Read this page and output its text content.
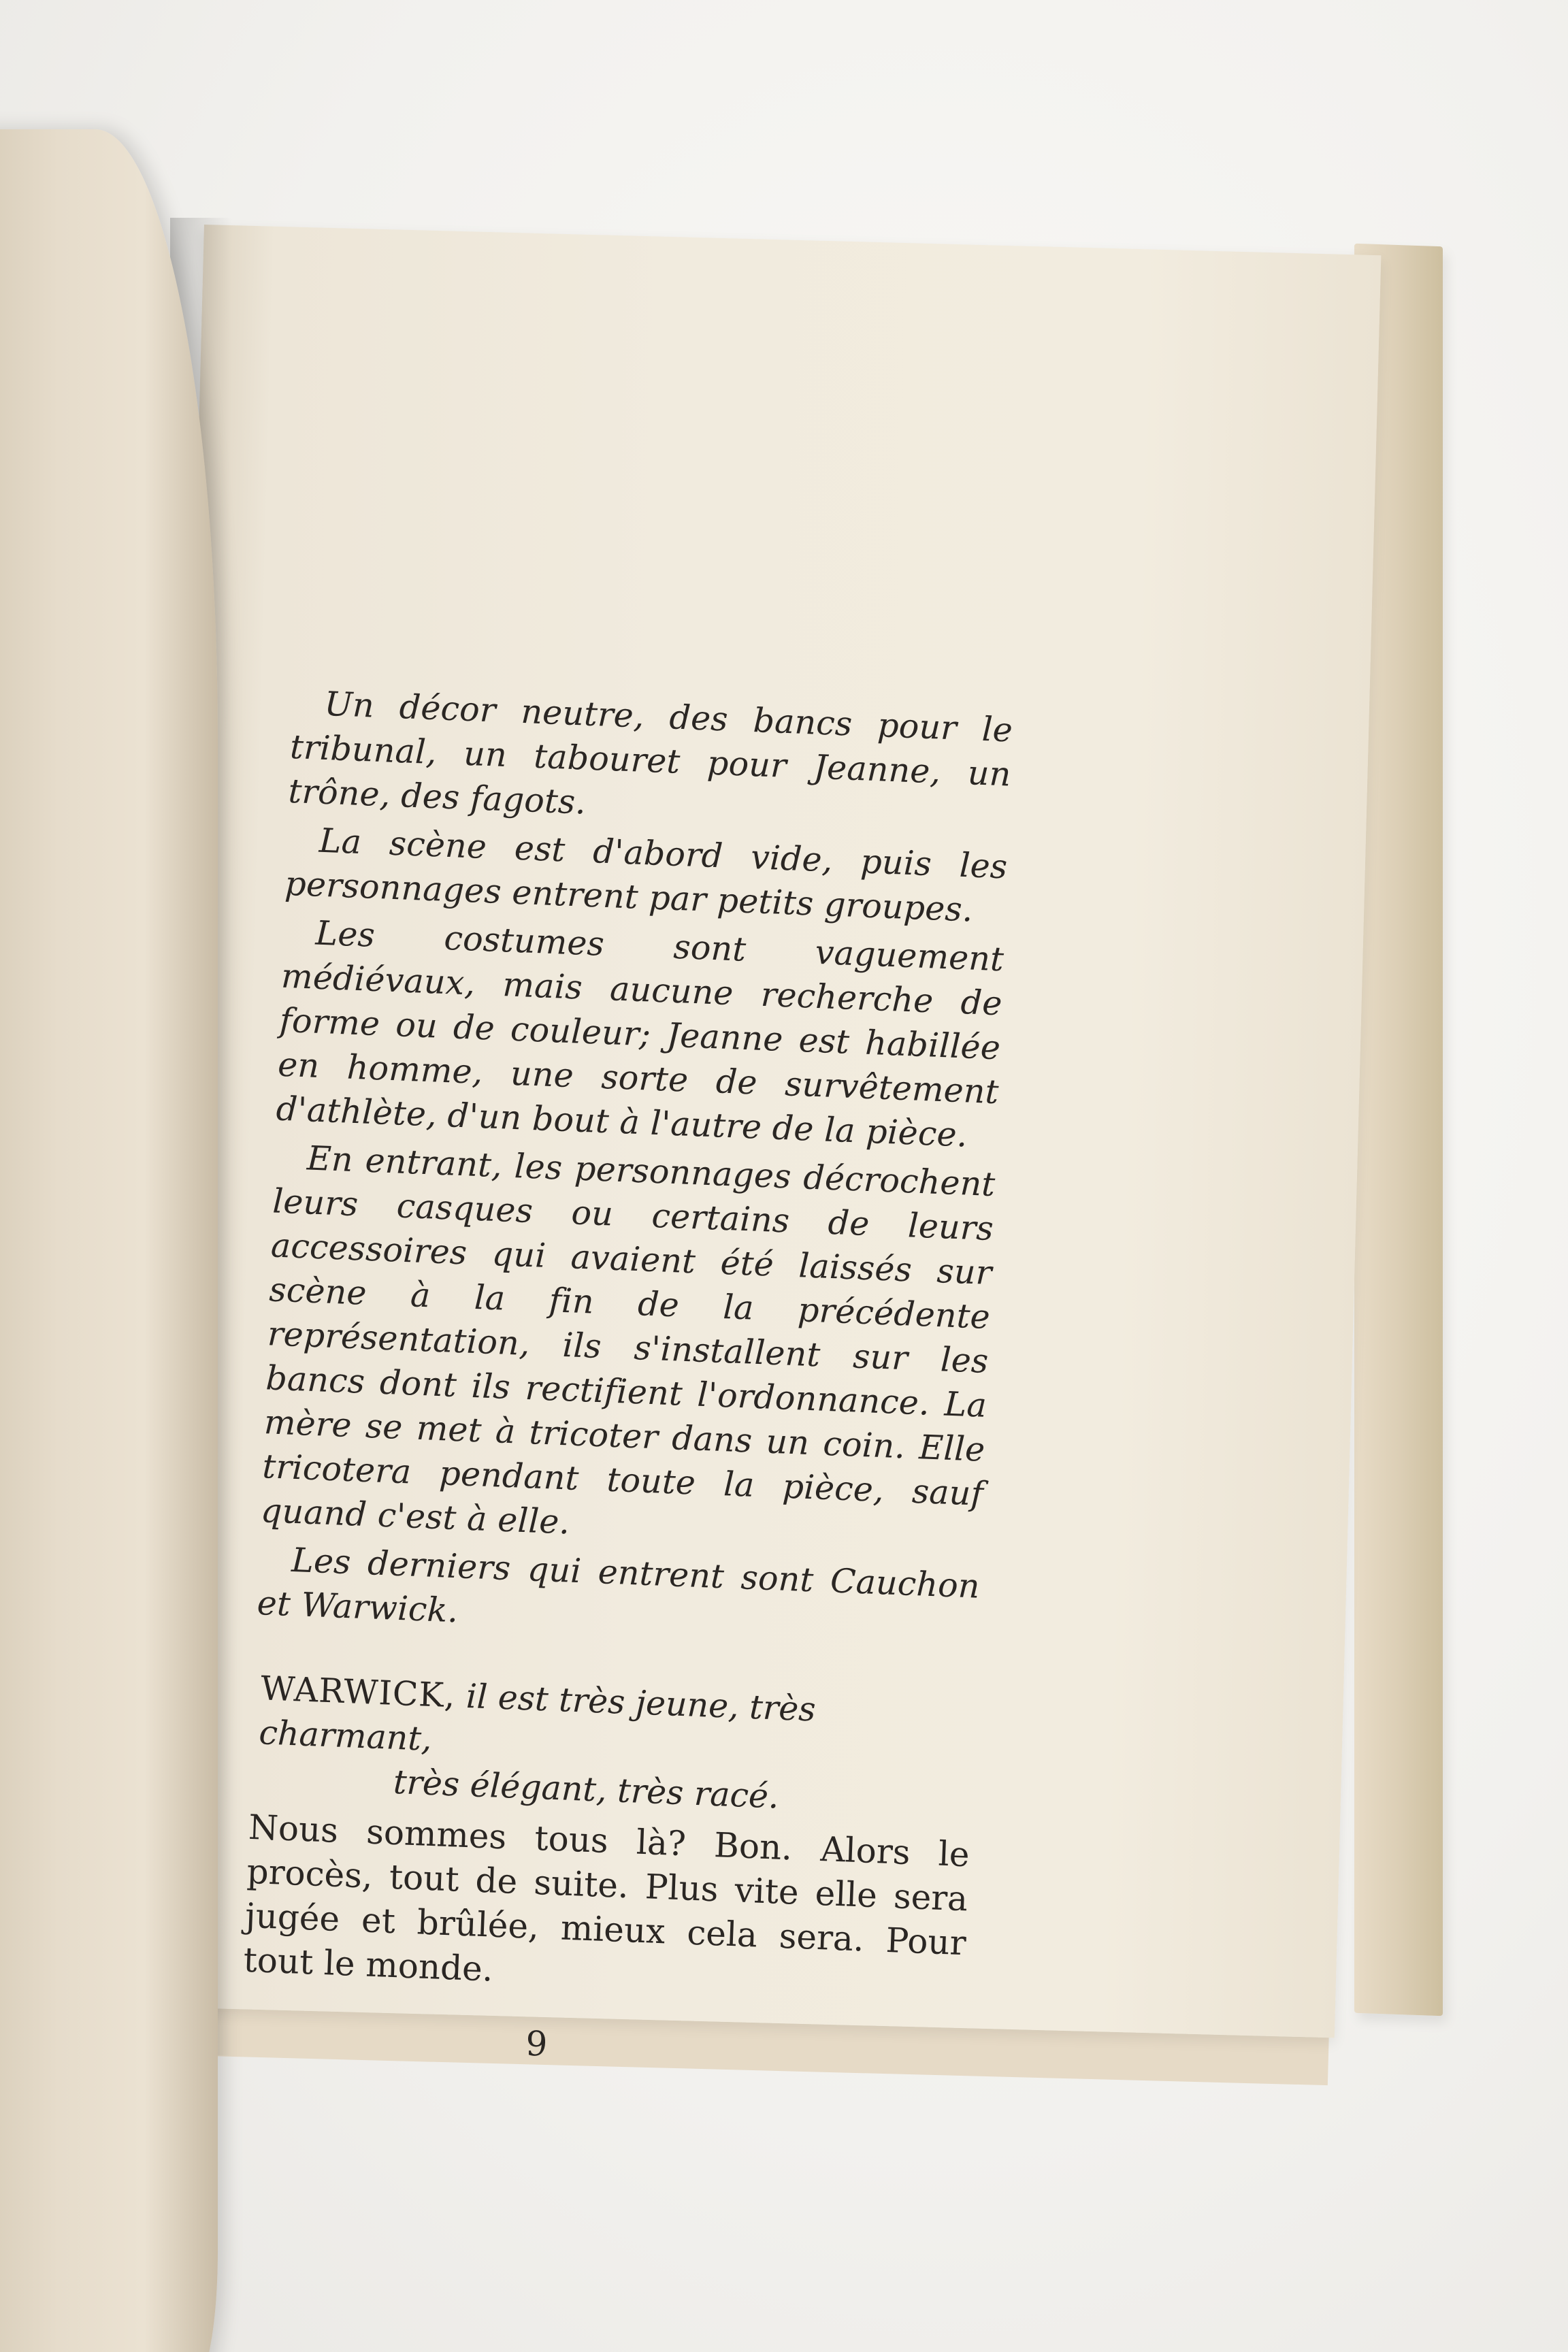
Un décor neutre, des bancs pour le tribunal, un tabouret pour Jeanne, un trône, des fagots.

La scène est d'abord vide, puis les personnages entrent par petits groupes.

Les costumes sont vaguement médiévaux, mais aucune recherche de forme ou de couleur; Jeanne est habillée en homme, une sorte de survêtement d'athlète, d'un bout à l'autre de la pièce.

En entrant, les personnages décrochent leurs casques ou certains de leurs accessoires qui avaient été laissés sur scène à la fin de la précédente représentation, ils s'installent sur les bancs dont ils rectifient l'ordonnance. La mère se met à tricoter dans un coin. Elle tricotera pendant toute la pièce, sauf quand c'est à elle.

Les derniers qui entrent sont Cauchon et Warwick.

WARWICK, il est très jeune, très charmant,
très élégant, très racé.
Nous sommes tous là? Bon. Alors le procès, tout de suite. Plus vite elle sera jugée et brûlée, mieux cela sera. Pour tout le monde.
9
